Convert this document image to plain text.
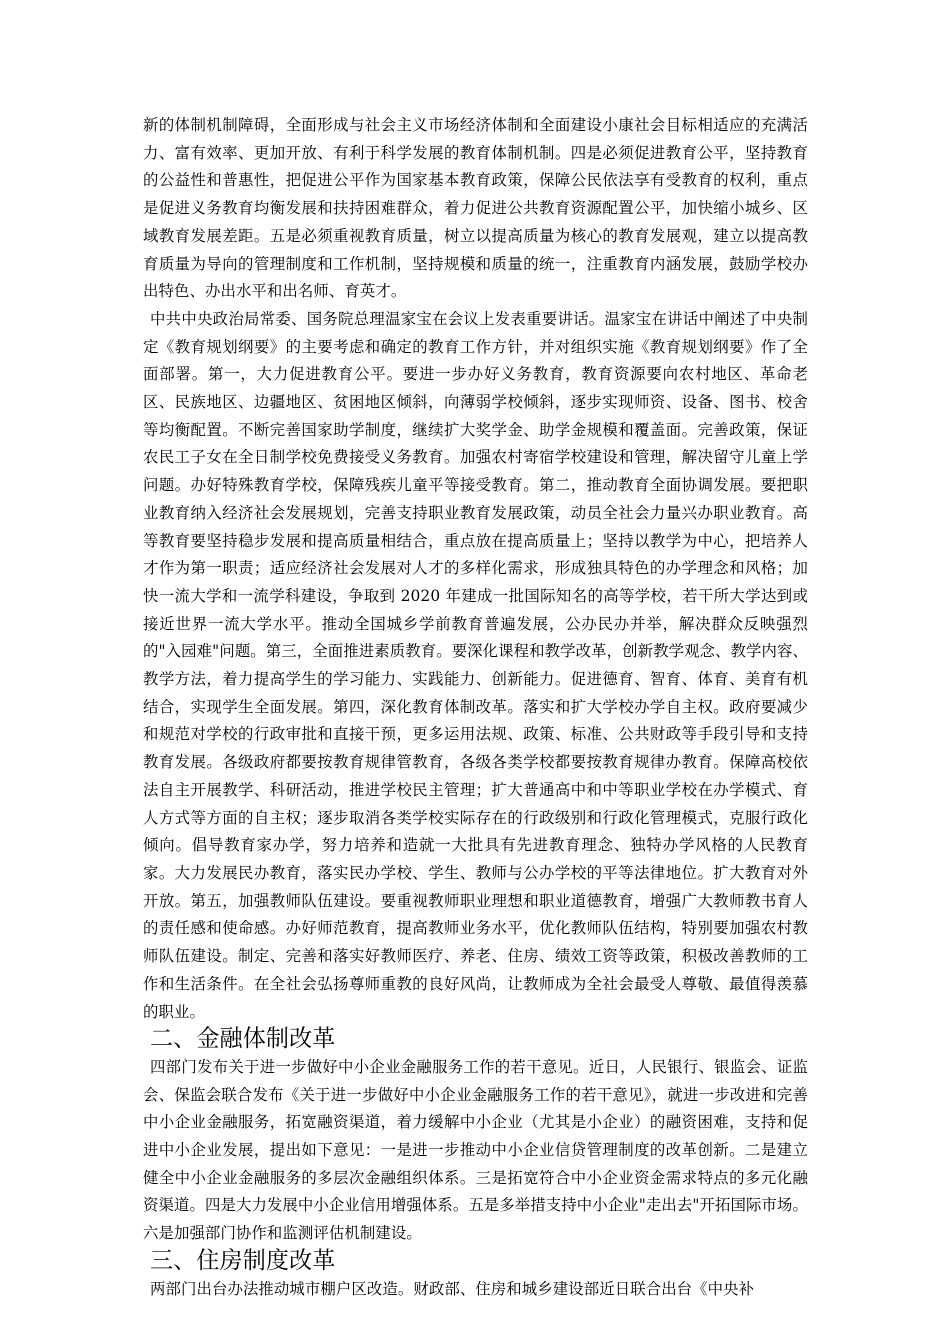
新的体制机制障碍，全面形成与社会主义市场经济体制和全面建设小康社会目标相适应的充满活力、富有效率、更加开放、有利于科学发展的教育体制机制。四是必须促进教育公平，坚持教育的公益性和普惠性，把促进公平作为国家基本教育政策，保障公民依法享有受教育的权利，重点是促进义务教育均衡发展和扶持困难群众，着力促进公共教育资源配置公平，加快缩小城乡、区域教育发展差距。五是必须重视教育质量，树立以提高质量为核心的教育发展观，建立以提高教育质量为导向的管理制度和工作机制，坚持规模和质量的统一，注重教育内涵发展，鼓励学校办出特色、办出水平和出名师、育英才。

中共中央政治局常委、国务院总理温家宝在会议上发表重要讲话。温家宝在讲话中阐述了中央制定《教育规划纲要》的主要考虑和确定的教育工作方针，并对组织实施《教育规划纲要》作了全面部署。第一，大力促进教育公平。要进一步办好义务教育，教育资源要向农村地区、革命老区、民族地区、边疆地区、贫困地区倾斜，向薄弱学校倾斜，逐步实现师资、设备、图书、校舍等均衡配置。不断完善国家助学制度，继续扩大奖学金、助学金规模和覆盖面。完善政策，保证农民工子女在全日制学校免费接受义务教育。加强农村寄宿学校建设和管理，解决留守儿童上学问题。办好特殊教育学校，保障残疾儿童平等接受教育。第二，推动教育全面协调发展。要把职业教育纳入经济社会发展规划，完善支持职业教育发展政策，动员全社会力量兴办职业教育。高等教育要坚持稳步发展和提高质量相结合，重点放在提高质量上；坚持以教学为中心，把培养人才作为第一职责；适应经济社会发展对人才的多样化需求，形成独具特色的办学理念和风格；加快一流大学和一流学科建设，争取到 2020 年建成一批国际知名的高等学校，若干所大学达到或接近世界一流大学水平。推动全国城乡学前教育普遍发展，公办民办并举，解决群众反映强烈的"入园难"问题。第三，全面推进素质教育。要深化课程和教学改革，创新教学观念、教学内容、教学方法，着力提高学生的学习能力、实践能力、创新能力。促进德育、智育、体育、美育有机结合，实现学生全面发展。第四，深化教育体制改革。落实和扩大学校办学自主权。政府要减少和规范对学校的行政审批和直接干预，更多运用法规、政策、标准、公共财政等手段引导和支持教育发展。各级政府都要按教育规律管教育，各级各类学校都要按教育规律办教育。保障高校依法自主开展教学、科研活动，推进学校民主管理；扩大普通高中和中等职业学校在办学模式、育人方式等方面的自主权；逐步取消各类学校实际存在的行政级别和行政化管理模式，克服行政化倾向。倡导教育家办学，努力培养和造就一大批具有先进教育理念、独特办学风格的人民教育家。大力发展民办教育，落实民办学校、学生、教师与公办学校的平等法律地位。扩大教育对外开放。第五，加强教师队伍建设。要重视教师职业理想和职业道德教育，增强广大教师教书育人的责任感和使命感。办好师范教育，提高教师业务水平，优化教师队伍结构，特别要加强农村教师队伍建设。制定、完善和落实好教师医疗、养老、住房、绩效工资等政策，积极改善教师的工作和生活条件。在全社会弘扬尊师重教的良好风尚，让教师成为全社会最受人尊敬、最值得羡慕的职业。

二、金融体制改革

四部门发布关于进一步做好中小企业金融服务工作的若干意见。近日，人民银行、银监会、证监会、保监会联合发布《关于进一步做好中小企业金融服务工作的若干意见》，就进一步改进和完善中小企业金融服务，拓宽融资渠道，着力缓解中小企业（尤其是小企业）的融资困难，支持和促进中小企业发展，提出如下意见：一是进一步推动中小企业信贷管理制度的改革创新。二是建立健全中小企业金融服务的多层次金融组织体系。三是拓宽符合中小企业资金需求特点的多元化融资渠道。四是大力发展中小企业信用增强体系。五是多举措支持中小企业"走出去"开拓国际市场。六是加强部门协作和监测评估机制建设。

三、住房制度改革

两部门出台办法推动城市棚户区改造。财政部、住房和城乡建设部近日联合出台《中央补
